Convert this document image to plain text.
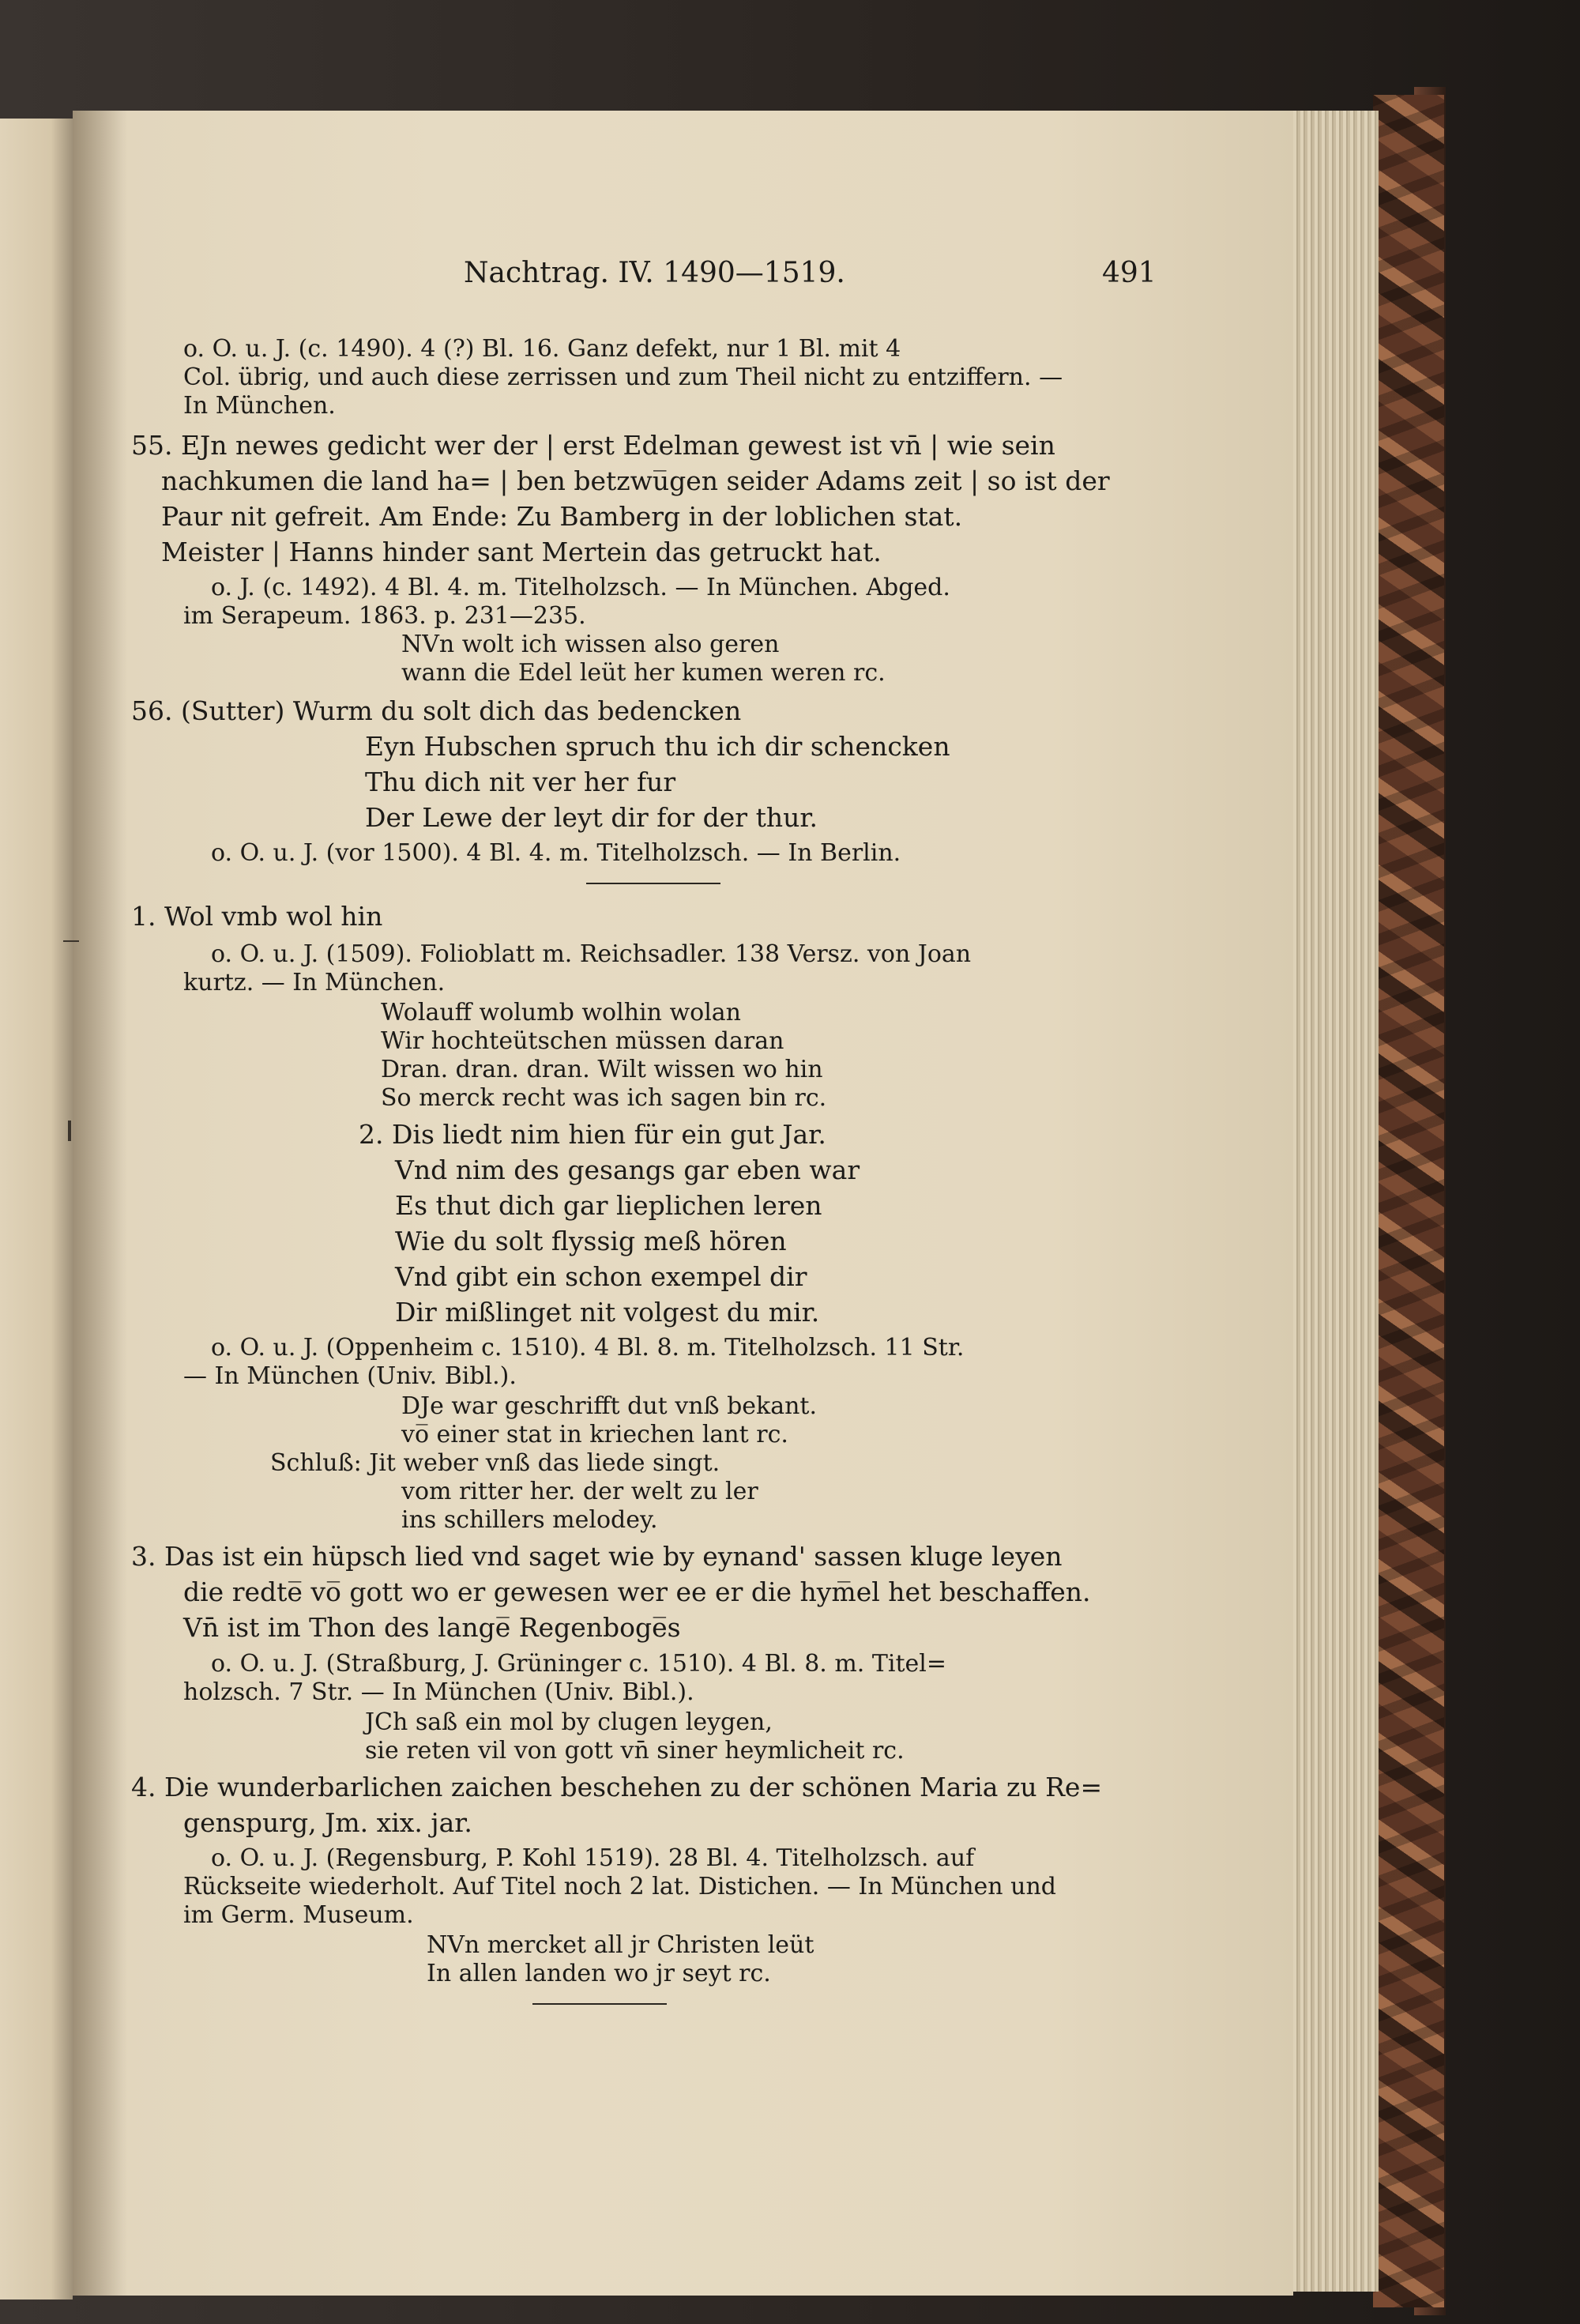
Nachtrag. IV. 1490—1519.	491
o. O. u. J. (c. 1490). 4 (?) Bl. 16. Ganz defekt, nur 1 Bl. mit 4
Col. übrig, und auch diese zerrissen und zum Theil nicht zu entziffern. —
In München.
55. EJn newes gedicht wer der | erst Edelman gewest ist vn̄ | wie sein
nachkumen die land ha= | ben betzwu̅gen seider Adams zeit | so ist der
Paur nit gefreit. Am Ende: Zu Bamberg in der loblichen stat.
Meister | Hanns hinder sant Mertein das getruckt hat.
o. J. (c. 1492). 4 Bl. 4. m. Titelholzsch. — In München. Abged.
im Serapeum. 1863. p. 231—235.
NVn wolt ich wissen also geren
wann die Edel leüt her kumen weren rc.
56. (Sutter) Wurm du solt dich das bedencken
Eyn Hubschen spruch thu ich dir schencken
Thu dich nit ver her fur
Der Lewe der leyt dir for der thur.
o. O. u. J. (vor 1500). 4 Bl. 4. m. Titelholzsch. — In Berlin.
1. Wol vmb wol hin
o. O. u. J. (1509). Folioblatt m. Reichsadler. 138 Versz. von Joan
kurtz. — In München.
Wolauff wolumb wolhin wolan
Wir hochteütschen müssen daran
Dran. dran. dran. Wilt wissen wo hin
So merck recht was ich sagen bin rc.
2. Dis liedt nim hien für ein gut Jar.
Vnd nim des gesangs gar eben war
Es thut dich gar lieplichen leren
Wie du solt flyssig meß hören
Vnd gibt ein schon exempel dir
Dir mißlinget nit volgest du mir.
o. O. u. J. (Oppenheim c. 1510). 4 Bl. 8. m. Titelholzsch. 11 Str.
— In München (Univ. Bibl.).
DJe war geschrifft dut vnß bekant.
vo̅ einer stat in kriechen lant rc.
Schluß: Jit weber vnß das liede singt.
vom ritter her. der welt zu ler
ins schillers melodey.
3. Das ist ein hüpsch lied vnd saget wie by eynand' sassen kluge leyen
die redte̅ vo̅ gott wo er gewesen wer ee er die hym̅el het beschaffen.
Vn̄ ist im Thon des lange̅ Regenboge̅s
o. O. u. J. (Straßburg, J. Grüninger c. 1510). 4 Bl. 8. m. Titel=
holzsch. 7 Str. — In München (Univ. Bibl.).
JCh saß ein mol by clugen leygen,
sie reten vil von gott vn̄ siner heymlicheit rc.
4. Die wunderbarlichen zaichen beschehen zu der schönen Maria zu Re=
genspurg, Jm. xix. jar.
o. O. u. J. (Regensburg, P. Kohl 1519). 28 Bl. 4. Titelholzsch. auf
Rückseite wiederholt. Auf Titel noch 2 lat. Distichen. — In München und
im Germ. Museum.
NVn mercket all jr Christen leüt
In allen landen wo jr seyt rc.
